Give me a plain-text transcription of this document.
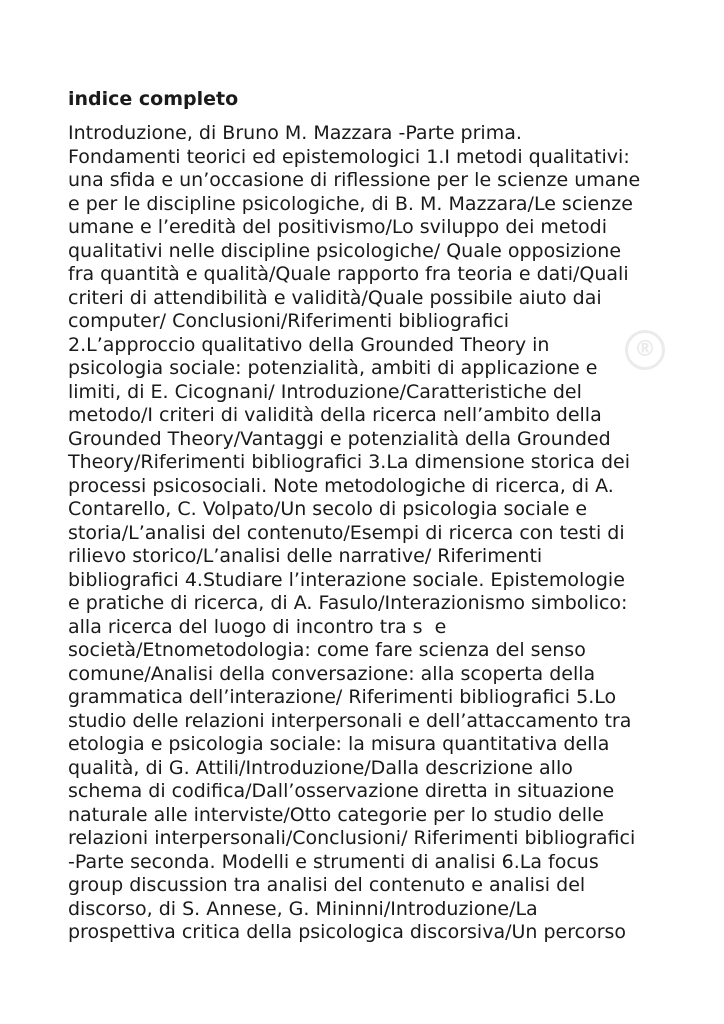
®
indice completo
Introduzione, di Bruno M. Mazzara -Parte prima.
Fondamenti teorici ed epistemologici 1.I metodi qualitativi:
una sfida e un’occasione di riflessione per le scienze umane
e per le discipline psicologiche, di B. M. Mazzara/Le scienze
umane e l’eredità del positivismo/Lo sviluppo dei metodi
qualitativi nelle discipline psicologiche/ Quale opposizione
fra quantità e qualità/Quale rapporto fra teoria e dati/Quali
criteri di attendibilità e validità/Quale possibile aiuto dai
computer/ Conclusioni/Riferimenti bibliografici
2.L’approccio qualitativo della Grounded Theory in
psicologia sociale: potenzialità, ambiti di applicazione e
limiti, di E. Cicognani/ Introduzione/Caratteristiche del
metodo/I criteri di validità della ricerca nell’ambito della
Grounded Theory/Vantaggi e potenzialità della Grounded
Theory/Riferimenti bibliografici 3.La dimensione storica dei
processi psicosociali. Note metodologiche di ricerca, di A.
Contarello, C. Volpato/Un secolo di psicologia sociale e
storia/L’analisi del contenuto/Esempi di ricerca con testi di
rilievo storico/L’analisi delle narrative/ Riferimenti
bibliografici 4.Studiare l’interazione sociale. Epistemologie
e pratiche di ricerca, di A. Fasulo/Interazionismo simbolico:
alla ricerca del luogo di incontro tra s  e
società/Etnometodologia: come fare scienza del senso
comune/Analisi della conversazione: alla scoperta della
grammatica dell’interazione/ Riferimenti bibliografici 5.Lo
studio delle relazioni interpersonali e dell’attaccamento tra
etologia e psicologia sociale: la misura quantitativa della
qualità, di G. Attili/Introduzione/Dalla descrizione allo
schema di codifica/Dall’osservazione diretta in situazione
naturale alle interviste/Otto categorie per lo studio delle
relazioni interpersonali/Conclusioni/ Riferimenti bibliografici
-Parte seconda. Modelli e strumenti di analisi 6.La focus
group discussion tra analisi del contenuto e analisi del
discorso, di S. Annese, G. Mininni/Introduzione/La
prospettiva critica della psicologica discorsiva/Un percorso
